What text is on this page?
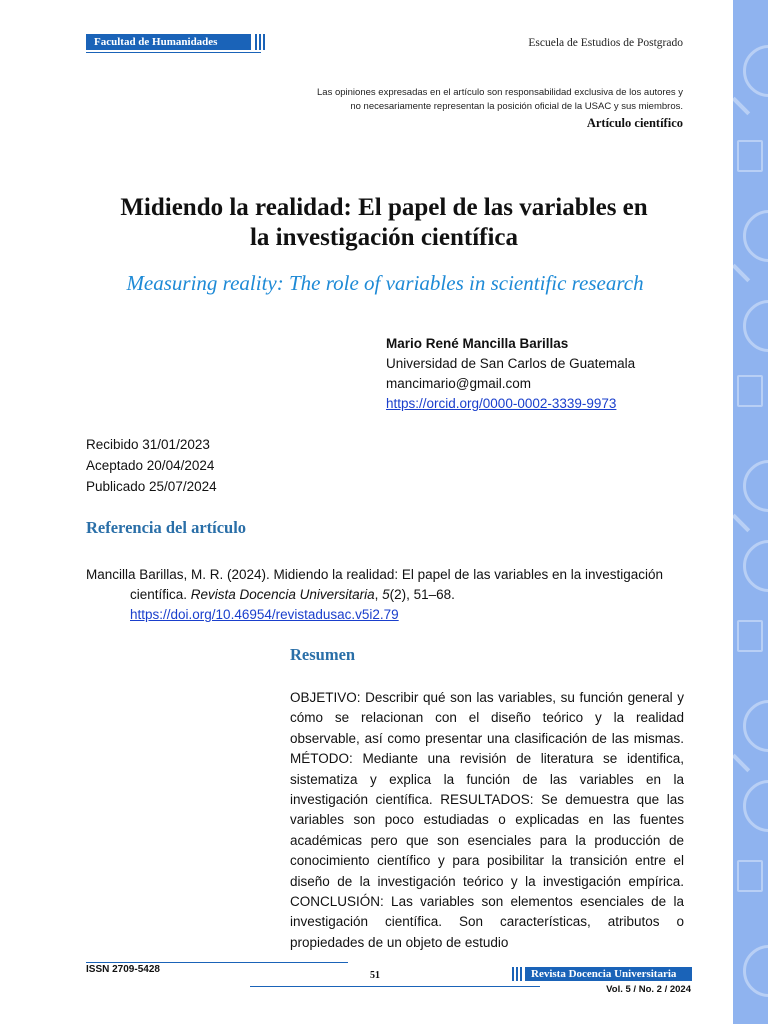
Facultad de Humanidades	Escuela de Estudios de Postgrado
Las opiniones expresadas en el artículo son responsabilidad exclusiva de los autores y
no necesariamente representan la posición oficial de la USAC y sus miembros.
Artículo científico
Midiendo la realidad: El papel de las variables en
la investigación científica
Measuring reality: The role of variables in scientific research
Mario René Mancilla Barillas
Universidad de San Carlos de Guatemala
mancimario@gmail.com
https://orcid.org/0000-0002-3339-9973
Recibido 31/01/2023
Aceptado 20/04/2024
Publicado 25/07/2024
Referencia del artículo
Mancilla Barillas, M. R. (2024). Midiendo la realidad: El papel de las variables en la investigación científica. Revista Docencia Universitaria, 5(2), 51–68. https://doi.org/10.46954/revistadusac.v5i2.79
Resumen
OBJETIVO: Describir qué son las variables, su función general y cómo se relacionan con el diseño teórico y la realidad observable, así como presentar una clasificación de las mismas. MÉTODO: Mediante una revisión de literatura se identifica, sistematiza y explica la función de las variables en la investigación científica. RESULTADOS: Se demuestra que las variables son poco estudiadas o explicadas en las fuentes académicas pero que son esenciales para la producción de conocimiento científico y para posibilitar la transición entre el diseño de la investigación teórico y la investigación empírica. CONCLUSIÓN: Las variables son elementos esenciales de la investigación científica. Son características, atributos o propiedades de un objeto de estudio
ISSN 2709-5428
51	Revista Docencia Universitaria
Vol. 5 / No. 2 / 2024
